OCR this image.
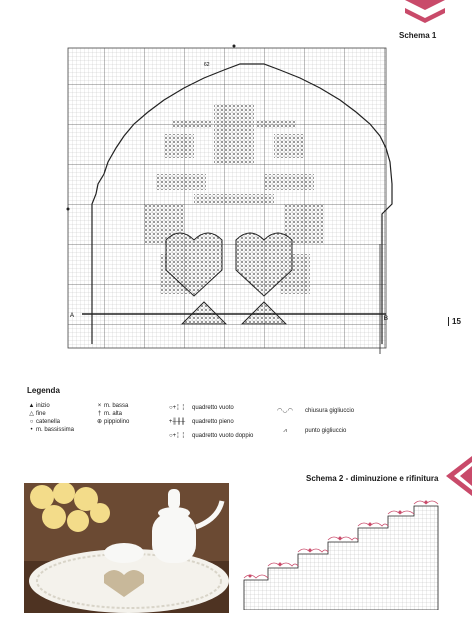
Schema 1
A	B
62
15
Legenda
▲ inizio
△ fine
○ catenella
• m. bassissima
× m. bassa
† m. alta
⊕ pippiolino
○+╎ ╎ quadretto vuoto
+╫╫╫ quadretto pieno
○+╎ ╎ quadretto vuoto doppio
◠◡◠ chiusura gigliuccio
⩘	punto gigliuccio
Schema 2 - diminuzione e rifinitura
